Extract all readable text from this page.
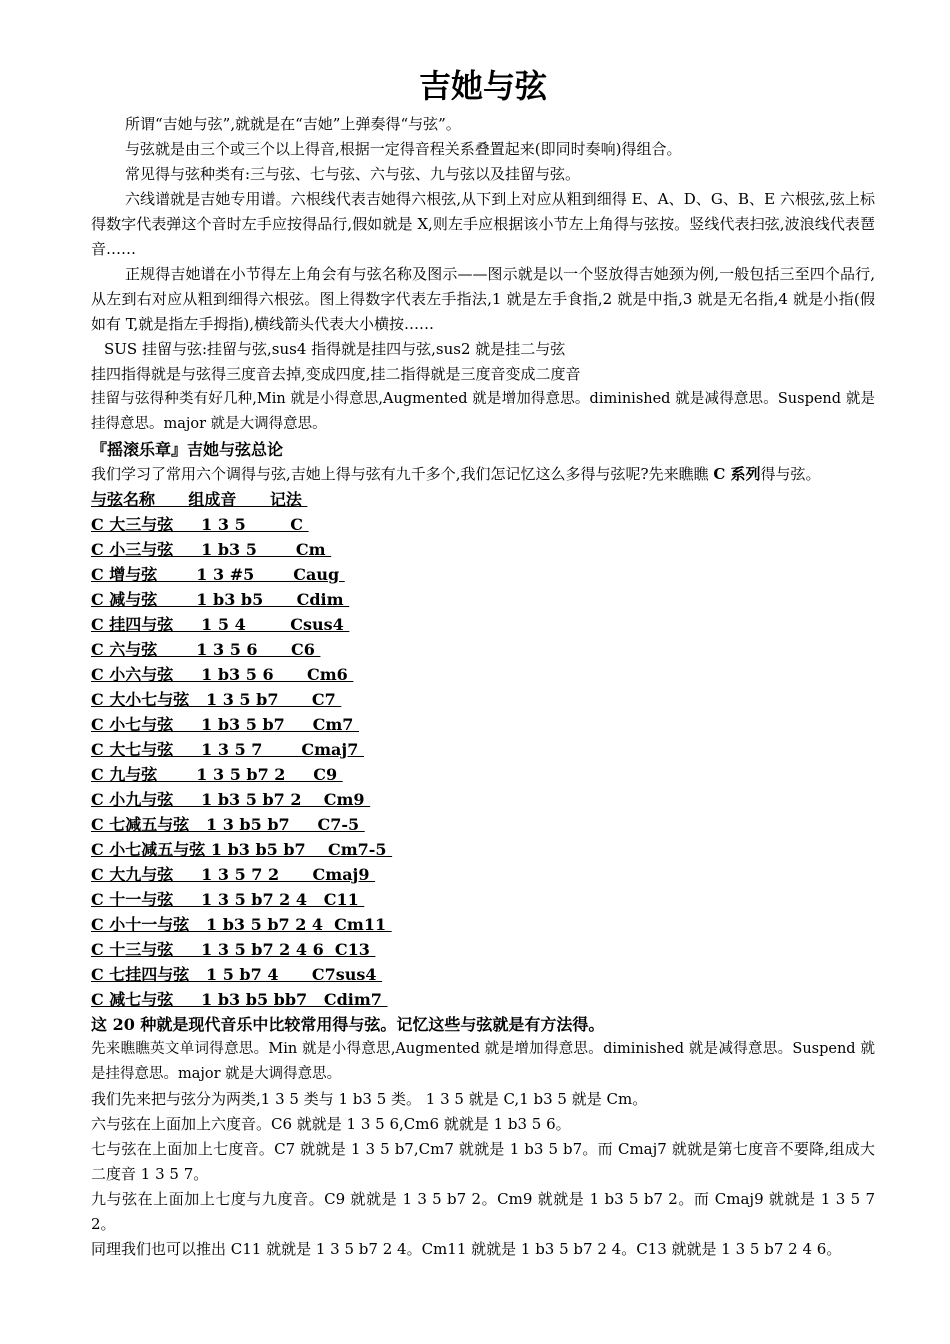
吉她与弦

所谓“吉她与弦”,就就是在“吉她”上弹奏得“与弦”。

与弦就是由三个或三个以上得音,根据一定得音程关系叠置起来(即同时奏响)得组合。

常见得与弦种类有:三与弦、七与弦、六与弦、九与弦以及挂留与弦。

六线谱就是吉她专用谱。六根线代表吉她得六根弦,从下到上对应从粗到细得 E、A、D、G、B、E 六根弦,弦上标得数字代表弹这个音时左手应按得品行,假如就是 X,则左手应根据该小节左上角得与弦按。竖线代表扫弦,波浪线代表琶音……

正规得吉她谱在小节得左上角会有与弦名称及图示——图示就是以一个竖放得吉她颈为例,一般包括三至四个品行,从左到右对应从粗到细得六根弦。图上得数字代表左手指法,1 就是左手食指,2 就是中指,3 就是无名指,4 就是小指(假如有 T,就是指左手拇指),横线箭头代表大小横按……

SUS 挂留与弦:挂留与弦,sus4 指得就是挂四与弦,sus2 就是挂二与弦

挂四指得就是与弦得三度音去掉,变成四度,挂二指得就是三度音变成二度音

挂留与弦得种类有好几种,Min 就是小得意思,Augmented 就是增加得意思。diminished 就是减得意思。Suspend 就是挂得意思。major 就是大调得意思。

『摇滚乐章』吉她与弦总论

我们学习了常用六个调得与弦,吉她上得与弦有九千多个,我们怎记忆这么多得与弦呢?先来瞧瞧 C 系列得与弦。

与弦名称      组成音      记法
C 大三与弦     1 3 5        C
C 小三与弦     1 b3 5       Cm
C 增与弦       1 3 #5       Caug
C 减与弦       1 b3 b5      Cdim
C 挂四与弦     1 5 4        Csus4
C 六与弦       1 3 5 6      C6
C 小六与弦     1 b3 5 6      Cm6
C 大小七与弦   1 3 5 b7      C7
C 小七与弦     1 b3 5 b7     Cm7
C 大七与弦     1 3 5 7       Cmaj7
C 九与弦       1 3 5 b7 2     C9
C 小九与弦     1 b3 5 b7 2    Cm9
C 七减五与弦   1 3 b5 b7     C7-5
C 小七减五与弦 1 b3 b5 b7    Cm7-5
C 大九与弦     1 3 5 7 2      Cmaj9
C 十一与弦     1 3 5 b7 2 4   C11
C 小十一与弦   1 b3 5 b7 2 4  Cm11
C 十三与弦     1 3 5 b7 2 4 6  C13
C 七挂四与弦   1 5 b7 4      C7sus4
C 减七与弦     1 b3 b5 bb7   Cdim7

这 20 种就是现代音乐中比较常用得与弦。记忆这些与弦就是有方法得。

先来瞧瞧英文单词得意思。Min 就是小得意思,Augmented 就是增加得意思。diminished 就是减得意思。Suspend 就是挂得意思。major 就是大调得意思。

我们先来把与弦分为两类,1 3 5 类与 1 b3 5 类。 1 3 5 就是 C,1 b3 5 就是 Cm。

六与弦在上面加上六度音。C6 就就是 1 3 5 6,Cm6 就就是 1 b3 5 6。

七与弦在上面加上七度音。C7 就就是 1 3 5 b7,Cm7 就就是 1 b3 5 b7。而 Cmaj7 就就是第七度音不要降,组成大二度音 1 3 5 7。

九与弦在上面加上七度与九度音。C9 就就是 1 3 5 b7 2。Cm9 就就是 1 b3 5 b7 2。而 Cmaj9 就就是 1 3 5 7 2。

同理我们也可以推出 C11 就就是 1 3 5 b7 2 4。Cm11 就就是 1 b3 5 b7 2 4。C13 就就是 1 3 5 b7 2 4 6。
